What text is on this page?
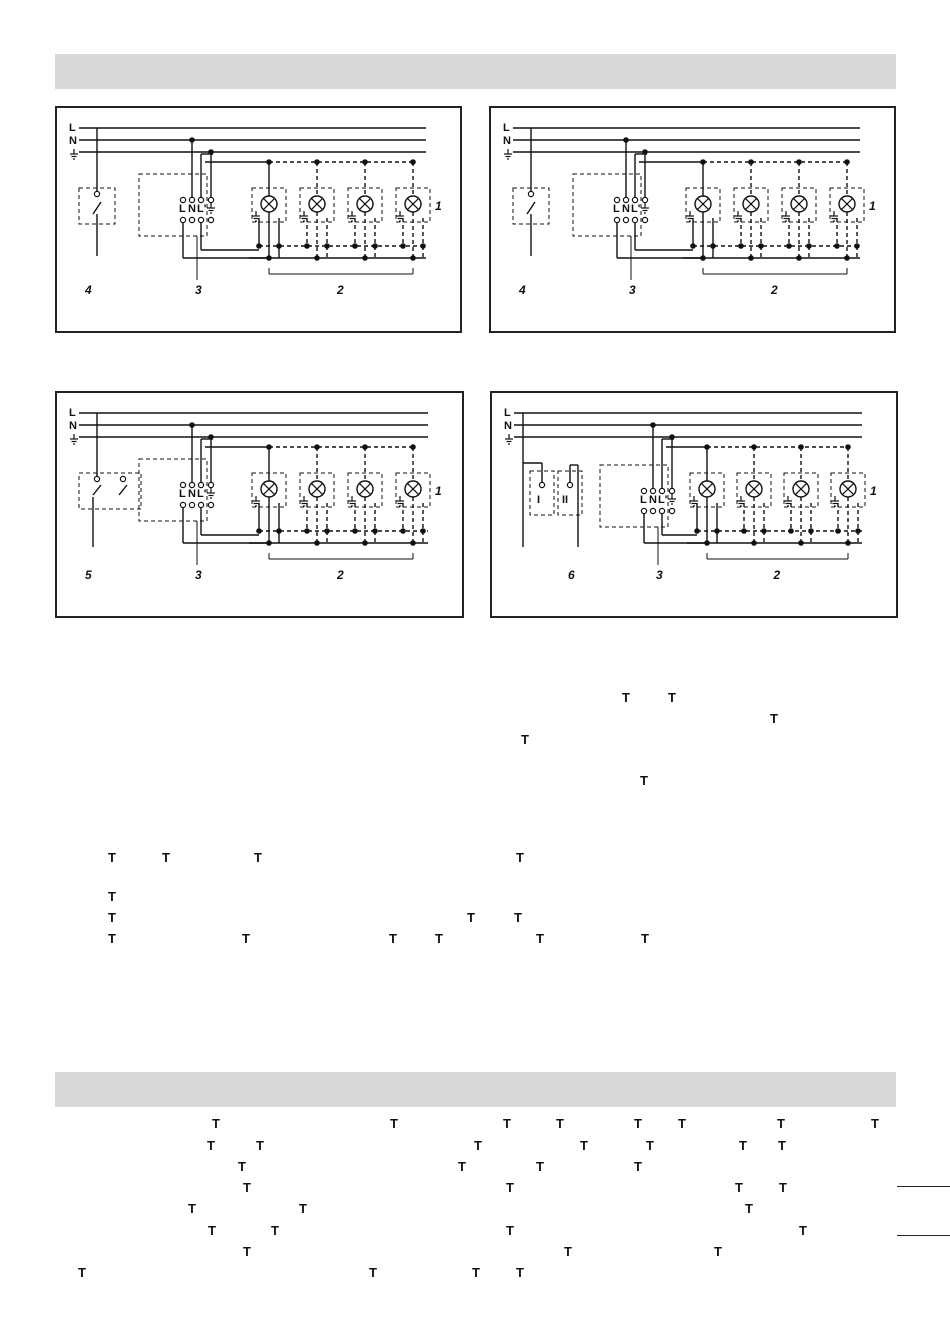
L
N
L N L'	1
2
3
4
L
N
L N L'	1
2
3
4
L
N
L N L'	1
2
3
5
L
N
I II	L N L'
1
2
3
6
T	T
T
T
T
T	T	T	T
T
T	T	T
T	T	T	T	T	T
T	T	T	T	T	T	T	T
T	T	T	T	T	T T
T	T	T	T
T	T	T	T
T	T	T
T	T	T	T
T	T	T
T	T	T	T
